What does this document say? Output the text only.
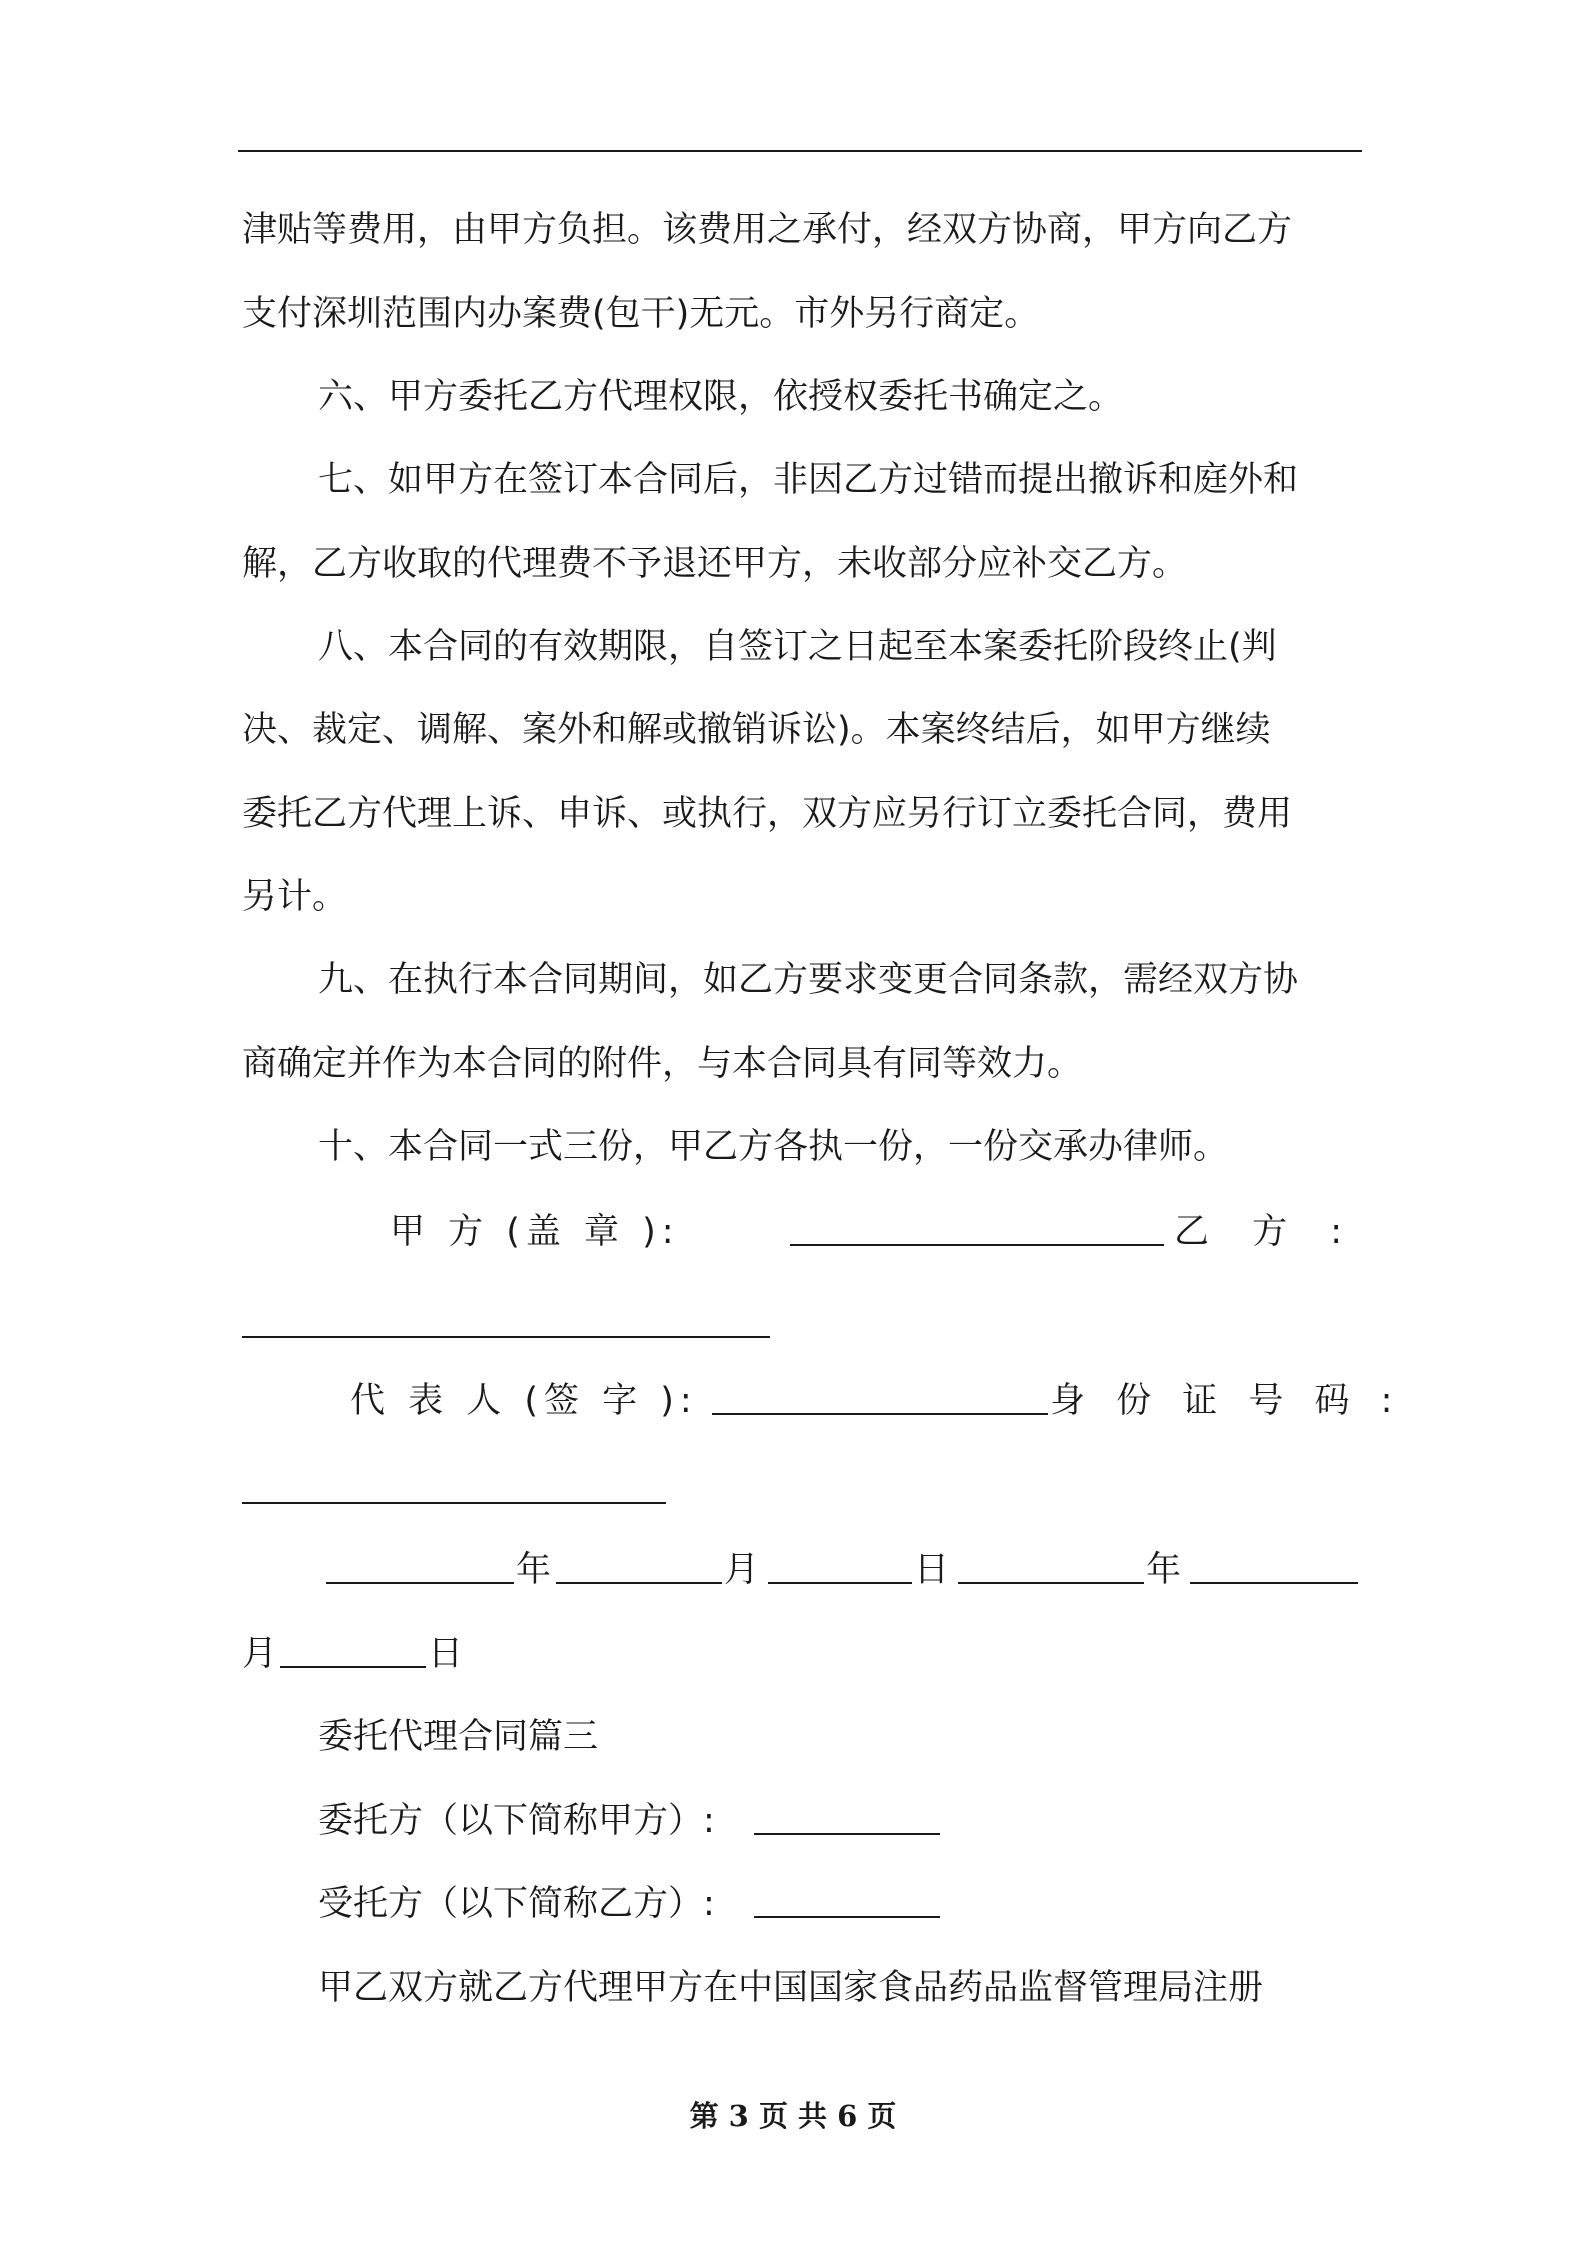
津贴等费用，由甲方负担。该费用之承付，经双方协商，甲方向乙方
支付深圳范围内办案费(包干)无元。市外另行商定。
六、甲方委托乙方代理权限，依授权委托书确定之。
七、如甲方在签订本合同后，非因乙方过错而提出撤诉和庭外和
解，乙方收取的代理费不予退还甲方，未收部分应补交乙方。
八、本合同的有效期限，自签订之日起至本案委托阶段终止(判
决、裁定、调解、案外和解或撤销诉讼)。本案终结后，如甲方继续
委托乙方代理上诉、申诉、或执行，双方应另行订立委托合同，费用
另计。
九、在执行本合同期间，如乙方要求变更合同条款，需经双方协
商确定并作为本合同的附件，与本合同具有同等效力。
十、本合同一式三份，甲乙方各执一份，一份交承办律师。
甲 方 (盖 章 ):	乙 方 :
代 表 人 (签 字 ):	身 份 证 号 码 :
年	月	日	年
月	日
委托代理合同篇三
委托方（以下简称甲方）:
受托方（以下简称乙方）:
甲乙双方就乙方代理甲方在中国国家食品药品监督管理局注册
第 3 页 共 6 页
